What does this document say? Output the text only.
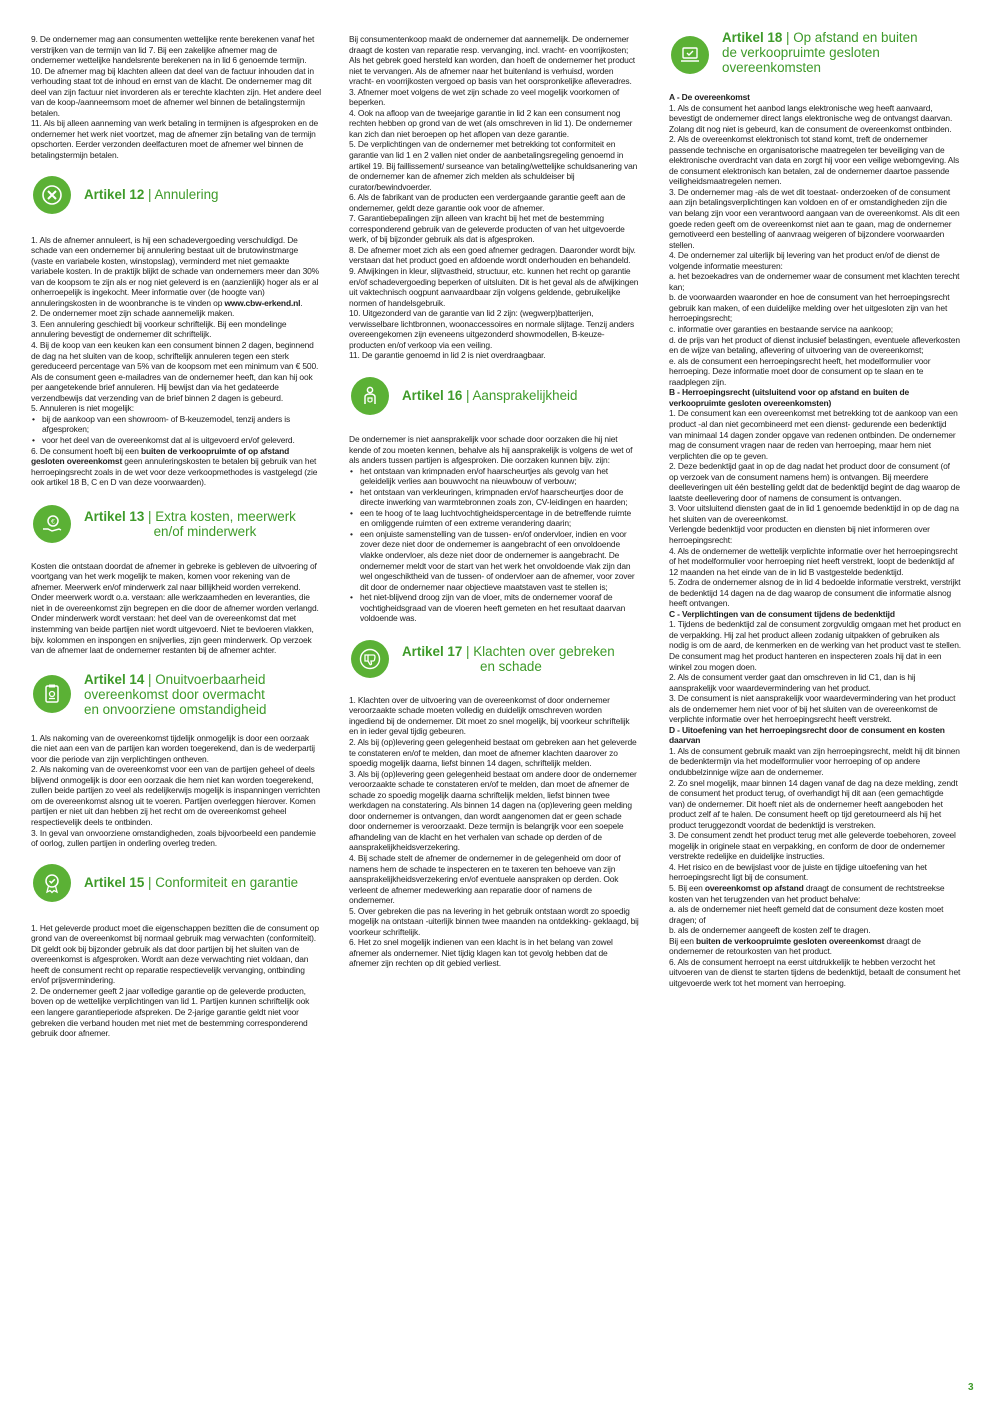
9. De ondernemer mag aan consumenten wettelijke rente berekenen vanaf het verstrijken van de termijn van lid 7. Bij een zakelijke afnemer mag de ondernemer wettelijke handelsrente berekenen na in lid 6 genoemde termijn.

10. De afnemer mag bij klachten alleen dat deel van de factuur inhouden dat in verhouding staat tot de inhoud en ernst van de klacht. De ondernemer mag dit deel van zijn factuur niet invorderen als er terechte klachten zijn. Het andere deel van de koop-/aanneemsom moet de afnemer wel binnen de betalingstermijn betalen.

11. Als bij alleen aanneming van werk betaling in termijnen is afgesproken en de ondernemer het werk niet voortzet, mag de afnemer zijn betaling van de termijn opschorten. Eerder verzonden deelfacturen moet de afnemer wel binnen de betalingstermijn betalen.

Artikel 12 | Annulering

1. Als de afnemer annuleert, is hij een schadevergoeding verschuldigd. De schade van een ondernemer bij annulering bestaat uit de brutowinstmarge (vaste en variabele kosten, winstopslag), verminderd met niet gemaakte variabele kosten. In de praktijk blijkt de schade van ondernemers meer dan 30% van de koopsom te zijn als er nog niet geleverd is en (aanzienlijk) hoger als er al onherroepelijk is ingekocht. Meer informatie over (de hoogte van) annuleringskosten in de woonbranche is te vinden op www.cbw-erkend.nl.

2. De ondernemer moet zijn schade aannemelijk maken.

3. Een annulering geschiedt bij voorkeur schriftelijk. Bij een mondelinge annulering bevestigt de ondernemer dit schriftelijk.

4. Bij de koop van een keuken kan een consument binnen 2 dagen, beginnend de dag na het sluiten van de koop, schriftelijk annuleren tegen een sterk gereduceerd percentage van 5% van de koopsom met een minimum van € 500. Als de consument geen e-mailadres van de ondernemer heeft, dan kan hij ook per aangetekende brief annuleren. Hij bewijst dan via het gedateerde verzendbewijs dat verzending van de brief binnen 2 dagen is gebeurd.

5. Annuleren is niet mogelijk:

• bij de aankoop van een showroom- of B-keuzemodel, tenzij anders is afgesproken;
• voor het deel van de overeenkomst dat al is uitgevoerd en/of geleverd.

6. De consument hoeft bij een buiten de verkoopruimte of op afstand gesloten overeenkomst geen annuleringskosten te betalen bij gebruik van het herroepingsrecht zoals in de wet voor deze verkoopmethodes is vastgelegd (zie ook artikel 18 B, C en D van deze voorwaarden).

€ Artikel 13 | Extra kosten, meerwerk
en/of minderwerk

Kosten die ontstaan doordat de afnemer in gebreke is gebleven de uitvoering of voortgang van het werk mogelijk te maken, komen voor rekening van de afnemer. Meerwerk en/of minderwerk zal naar billijkheid worden verrekend. Onder meerwerk wordt o.a. verstaan: alle werkzaamheden en leveranties, die niet in de overeenkomst zijn begrepen en die door de afnemer worden verlangd. Onder minderwerk wordt verstaan: het deel van de overeenkomst dat met instemming van beide partijen niet wordt uitgevoerd. Niet te bevloeren vlakken, bijv. kolommen en inspongen en snijverlies, zijn geen minderwerk. Op verzoek van de afnemer laat de ondernemer restanten bij de afnemer achter.

Artikel 14 | Onuitvoerbaarheid
overeenkomst door overmacht
en onvoorziene omstandigheid

1. Als nakoming van de overeenkomst tijdelijk onmogelijk is door een oorzaak die niet aan een van de partijen kan worden toegerekend, dan is de wederpartij voor die periode van zijn verplichtingen ontheven.

2. Als nakoming van de overeenkomst voor een van de partijen geheel of deels blijvend onmogelijk is door een oorzaak die hem niet kan worden toegerekend, zullen beide partijen zo veel als redelijkerwijs mogelijk is inspanningen verrichten om de overeenkomst alsnog uit te voeren. Partijen overleggen hierover. Komen partijen er niet uit dan hebben zij het recht om de overeenkomst geheel respectievelijk deels te ontbinden.

3. In geval van onvoorziene omstandigheden, zoals bijvoorbeeld een pandemie of oorlog, zullen partijen in onderling overleg treden.

Artikel 15 | Conformiteit en garantie

1. Het geleverde product moet die eigenschappen bezitten die de consument op grond van de overeenkomst bij normaal gebruik mag verwachten (conformiteit). Dit geldt ook bij bijzonder gebruik als dat door partijen bij het sluiten van de overeenkomst is afgesproken. Wordt aan deze verwachting niet voldaan, dan heeft de consument recht op reparatie respectievelijk vervanging, ontbinding en/of prijsvermindering.

2. De ondernemer geeft 2 jaar volledige garantie op de geleverde producten, boven op de wettelijke verplichtingen van lid 1. Partijen kunnen schriftelijk ook een langere garantieperiode afspreken. De 2-jarige garantie geldt niet voor gebreken die verband houden met niet met de bestemming corresponderend gebruik door afnemer.

Bij consumentenkoop maakt de ondernemer dat aannemelijk. De ondernemer draagt de kosten van reparatie resp. vervanging, incl. vracht- en voorrijkosten;

Als het gebrek goed hersteld kan worden, dan hoeft de ondernemer het product niet te vervangen. Als de afnemer naar het buitenland is verhuisd, worden vracht- en voorrijkosten vergoed op basis van het oorspronkelijke afleveradres.

3. Afnemer moet volgens de wet zijn schade zo veel mogelijk voorkomen of beperken.

4. Ook na afloop van de tweejarige garantie in lid 2 kan een consument nog rechten hebben op grond van de wet (als omschreven in lid 1). De ondernemer kan zich dan niet beroepen op het aflopen van deze garantie.

5. De verplichtingen van de ondernemer met betrekking tot conformiteit en garantie van lid 1 en 2 vallen niet onder de aanbetalingsregeling genoemd in artikel 19. Bij faillissement/ surseance van betaling/wettelijke schuldsanering van de ondernemer kan de afnemer zich melden als schuldeiser bij curator/bewindvoerder.

6. Als de fabrikant van de producten een verdergaande garantie geeft aan de ondernemer, geldt deze garantie ook voor de afnemer.

7. Garantiebepalingen zijn alleen van kracht bij het met de bestemming corresponderend gebruik van de geleverde producten of van het uitgevoerde werk, of bij bijzonder gebruik als dat is afgesproken.

8. De afnemer moet zich als een goed afnemer gedragen. Daaronder wordt bijv. verstaan dat het product goed en afdoende wordt onderhouden en behandeld.

9. Afwijkingen in kleur, slijtvastheid, structuur, etc. kunnen het recht op garantie en/of schadevergoeding beperken of uitsluiten. Dit is het geval als de afwijkingen uit vaktechnisch oogpunt aanvaardbaar zijn volgens geldende, gebruikelijke normen of handelsgebruik.

10. Uitgezonderd van de garantie van lid 2 zijn: (wegwerp)batterijen, verwisselbare lichtbronnen, woonaccessoires en normale slijtage. Tenzij anders overeengekomen zijn eveneens uitgezonderd showmodellen, B-keuze-producten en/of verkoop via een veiling.

11. De garantie genoemd in lid 2 is niet overdraagbaar.

Artikel 16 | Aansprakelijkheid

De ondernemer is niet aansprakelijk voor schade door oorzaken die hij niet kende of zou moeten kennen, behalve als hij aansprakelijk is volgens de wet of als anders tussen partijen is afgesproken. Die oorzaken kunnen bijv. zijn:

• het ontstaan van krimpnaden en/of haarscheurtjes als gevolg van het geleidelijk verlies aan bouwvocht na nieuwbouw of verbouw;
• het ontstaan van verkleuringen, krimpnaden en/of haarscheurtjes door de directe inwerking van warmtebronnen zoals zon, CV-leidingen en haarden;
• een te hoog of te laag luchtvochtigheidspercentage in de betreffende ruimte en omliggende ruimten of een extreme verandering daarin;
• een onjuiste samenstelling van de tussen- en/of ondervloer, indien en voor zover deze niet door de ondernemer is aangebracht of een onvoldoende vlakke ondervloer, als deze niet door de ondernemer is aangebracht. De ondernemer meldt voor de start van het werk het onvoldoende vlak zijn dan wel ongeschiktheid van de tussen- of ondervloer aan de afnemer, voor zover dit door de ondernemer naar objectieve maatstaven vast te stellen is;
• het niet-blijvend droog zijn van de vloer, mits de ondernemer vooraf de vochtigheidsgraad van de vloeren heeft gemeten en het resultaat daarvan voldoende was.
Artikel 17 | Klachten over gebreken
en schade

1. Klachten over de uitvoering van de overeenkomst of door ondernemer veroorzaakte schade moeten volledig en duidelijk omschreven worden ingediend bij de ondernemer. Dit moet zo snel mogelijk, bij voorkeur schriftelijk en in ieder geval tijdig gebeuren.

2. Als bij (op)levering geen gelegenheid bestaat om gebreken aan het geleverde te constateren en/of te melden, dan moet de afnemer klachten daarover zo spoedig mogelijk daarna, liefst binnen 14 dagen, schriftelijk melden.

3. Als bij (op)levering geen gelegenheid bestaat om andere door de ondernemer veroorzaakte schade te constateren en/of te melden, dan moet de afnemer de schade zo spoedig mogelijk daarna schriftelijk melden, liefst binnen twee werkdagen na constatering. Als binnen 14 dagen na (op)levering geen melding door ondernemer is ontvangen, dan wordt aangenomen dat er geen schade door ondernemer is veroorzaakt. Deze termijn is belangrijk voor een soepele afhandeling van de klacht en het verhalen van schade op derden of de aansprakelijkheidsverzekering.

4. Bij schade stelt de afnemer de ondernemer in de gelegenheid om door of namens hem de schade te inspecteren en te taxeren ten behoeve van zijn aansprakelijkheidsverzekering en/of eventuele aanspraken op derden. Ook verleent de afnemer medewerking aan reparatie door of namens de ondernemer.

5. Over gebreken die pas na levering in het gebruik ontstaan wordt zo spoedig mogelijk na ontstaan -uiterlijk binnen twee maanden na ontdekking- geklaagd, bij voorkeur schriftelijk.

6. Het zo snel mogelijk indienen van een klacht is in het belang van zowel afnemer als ondernemer. Niet tijdig klagen kan tot gevolg hebben dat de afnemer zijn rechten op dit gebied verliest.

Artikel 18 | Op afstand en buiten
de verkoopruimte gesloten
overeenkomsten

A - De overeenkomst

1. Als de consument het aanbod langs elektronische weg heeft aanvaard, bevestigt de ondernemer direct langs elektronische weg de ontvangst daarvan. Zolang dit nog niet is gebeurd, kan de consument de overeenkomst ontbinden.

2. Als de overeenkomst elektronisch tot stand komt, treft de ondernemer passende technische en organisatorische maatregelen ter beveiliging van de elektronische overdracht van data en zorgt hij voor een veilige webomgeving. Als de consument elektronisch kan betalen, zal de ondernemer daartoe passende veiligheidsmaatregelen nemen.

3. De ondernemer mag -als de wet dit toestaat- onderzoeken of de consument aan zijn betalingsverplichtingen kan voldoen en of er omstandigheden zijn die van belang zijn voor een verantwoord aangaan van de overeenkomst. Als dit een goede reden geeft om de overeenkomst niet aan te gaan, mag de ondernemer gemotiveerd een bestelling of aanvraag weigeren of bijzondere voorwaarden stellen.

4. De ondernemer zal uiterlijk bij levering van het product en/of de dienst de volgende informatie meesturen:

a. het bezoekadres van de ondernemer waar de consument met klachten terecht kan;

b. de voorwaarden waaronder en hoe de consument van het herroepingsrecht gebruik kan maken, of een duidelijke melding over het uitgesloten zijn van het herroepingsrecht;

c. informatie over garanties en bestaande service na aankoop;

d. de prijs van het product of dienst inclusief belastingen, eventuele afleverkosten en de wijze van betaling, aflevering of uitvoering van de overeenkomst;

e. als de consument een herroepingsrecht heeft, het modelformulier voor herroeping. Deze informatie moet door de consument op te slaan en te raadplegen zijn.

B - Herroepingsrecht (uitsluitend voor op afstand en buiten de verkoopruimte gesloten overeenkomsten)

1. De consument kan een overeenkomst met betrekking tot de aankoop van een product -al dan niet gecombineerd met een dienst- gedurende een bedenktijd van minimaal 14 dagen zonder opgave van redenen ontbinden. De ondernemer mag de consument vragen naar de reden van herroeping, maar hem niet verplichten die op te geven.

2. Deze bedenktijd gaat in op de dag nadat het product door de consument (of op verzoek van de consument namens hem) is ontvangen. Bij meerdere deelleveringen uit één bestelling geldt dat de bedenktijd begint de dag waarop de laatste deellevering door of namens de consument is ontvangen.

3. Voor uitsluitend diensten gaat de in lid 1 genoemde bedenktijd in op de dag na het sluiten van de overeenkomst.

Verlengde bedenktijd voor producten en diensten bij niet informeren over herroepingsrecht:

4. Als de ondernemer de wettelijk verplichte informatie over het herroepingsrecht of het modelformulier voor herroeping niet heeft verstrekt, loopt de bedenktijd af 12 maanden na het einde van de in lid B vastgestelde bedenktijd.

5. Zodra de ondernemer alsnog de in lid 4 bedoelde informatie verstrekt, verstrijkt de bedenktijd 14 dagen na de dag waarop de consument die informatie alsnog heeft ontvangen.

C - Verplichtingen van de consument tijdens de bedenktijd

1. Tijdens de bedenktijd zal de consument zorgvuldig omgaan met het product en de verpakking. Hij zal het product alleen zodanig uitpakken of gebruiken als nodig is om de aard, de kenmerken en de werking van het product vast te stellen. De consument mag het product hanteren en inspecteren zoals hij dat in een winkel zou mogen doen.

2. Als de consument verder gaat dan omschreven in lid C1, dan is hij aansprakelijk voor waardevermindering van het product.

3. De consument is niet aansprakelijk voor waardevermindering van het product als de ondernemer hem niet voor of bij het sluiten van de overeenkomst de verplichte informatie over het herroepingsrecht heeft verstrekt.

D - Uitoefening van het herroepingsrecht door de consument en kosten daarvan

1. Als de consument gebruik maakt van zijn herroepingsrecht, meldt hij dit binnen de bedenktermijn via het modelformulier voor herroeping of op andere ondubbelzinnige wijze aan de ondernemer.

2. Zo snel mogelijk, maar binnen 14 dagen vanaf de dag na deze melding, zendt de consument het product terug, of overhandigt hij dit aan (een gemachtigde van) de ondernemer. Dit hoeft niet als de ondernemer heeft aangeboden het product zelf af te halen. De consument heeft op tijd geretourneerd als hij het product teruggezondt voordat de bedenktijd is verstreken.

3. De consument zendt het product terug met alle geleverde toebehoren, zoveel mogelijk in originele staat en verpakking, en conform de door de ondernemer verstrekte redelijke en duidelijke instructies.

4. Het risico en de bewijslast voor de juiste en tijdige uitoefening van het herroepingsrecht ligt bij de consument.

5. Bij een overeenkomst op afstand draagt de consument de rechtstreekse kosten van het terugzenden van het product behalve:

a. als de ondernemer niet heeft gemeld dat de consument deze kosten moet dragen; of

b. als de ondernemer aangeeft de kosten zelf te dragen.

Bij een buiten de verkoopruimte gesloten overeenkomst draagt de ondernemer de retourkosten van het product.

6. Als de consument herroept na eerst uitdrukkelijk te hebben verzocht het uitvoeren van de dienst te starten tijdens de bedenktijd, betaalt de consument het uitgevoerde werk tot het moment van herroeping.

3
